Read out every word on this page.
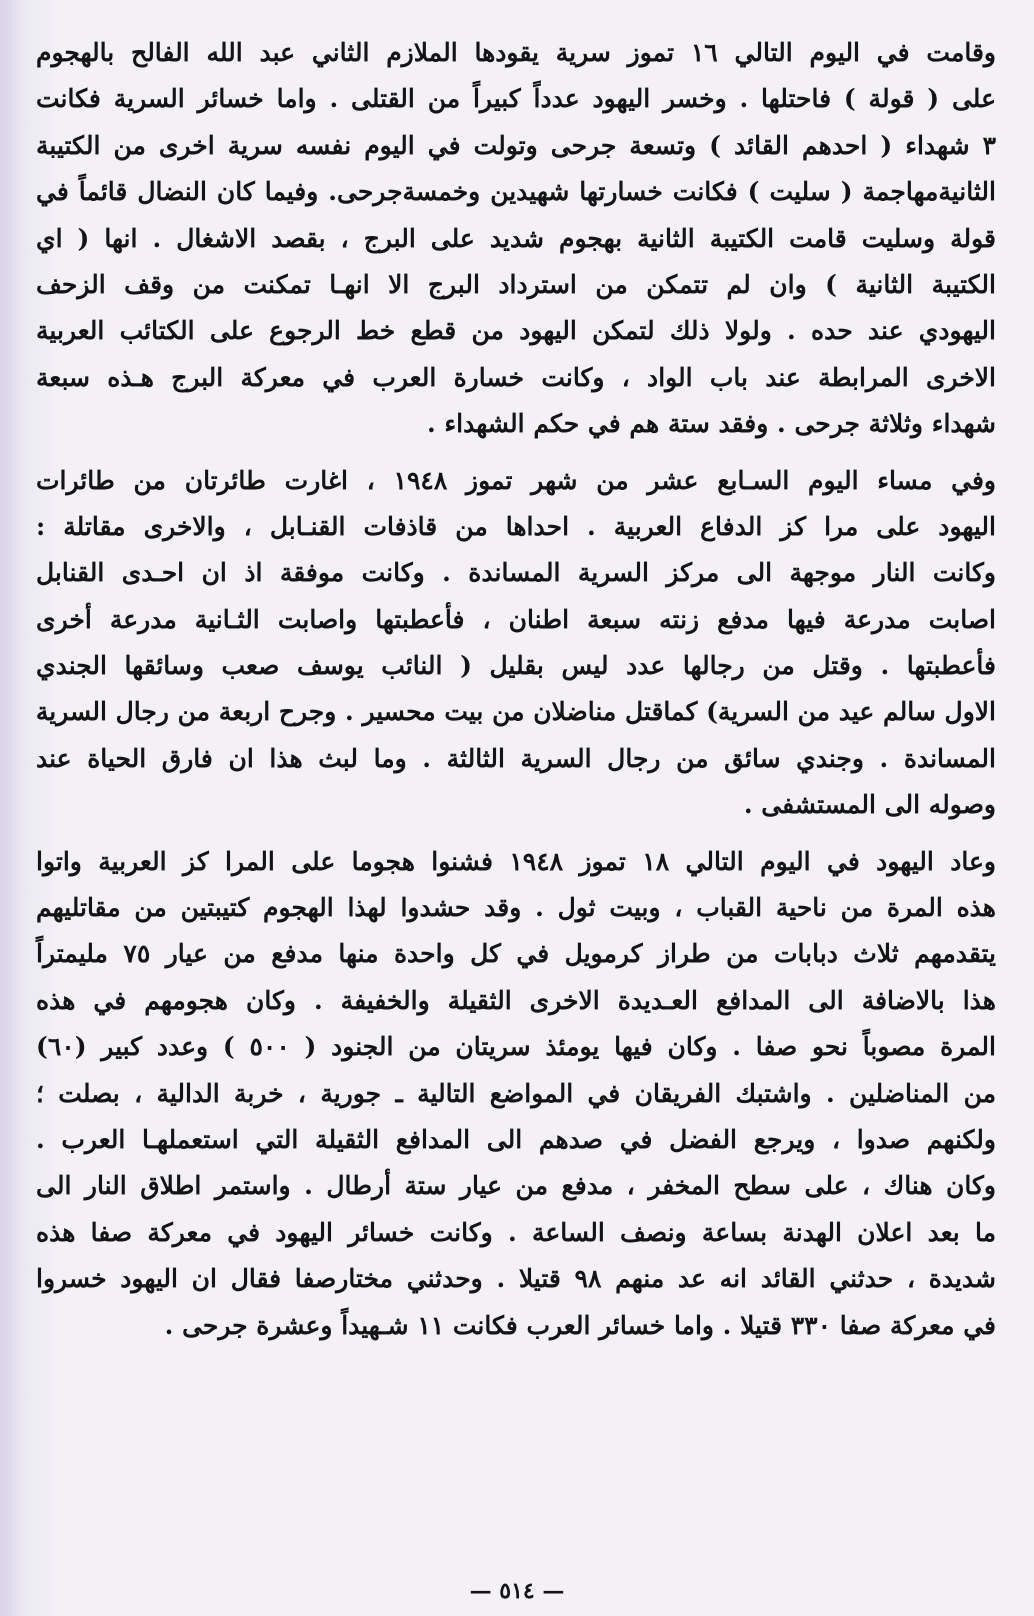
وقامت في اليوم التالي ١٦ تموز سرية يقودها الملازم الثاني عبد الله الفالح بالهجوم
على ( قولة ) فاحتلها . وخسر اليهود عدداً كبيراً من القتلى . واما خسائر السرية فكانت
٣ شهداء ( احدهم القائد ) وتسعة جرحى وتولت في اليوم نفسه سرية اخرى من الكتيبة
الثانيةمهاجمة ( سليت ) فكانت خسارتها شهيدين وخمسةجرحى. وفيما كان النضال قائماً في
قولة وسليت قامت الكتيبة الثانية بهجوم شديد على البرج ، بقصد الاشغال . انها ( اي
الكتيبة الثانية ) وان لم تتمكن من استرداد البرج الا انهـا تمكنت من وقف الزحف
اليهودي عند حده . ولولا ذلك لتمكن اليهود من قطع خط الرجوع على الكتائب العربية
الاخرى المرابطة عند باب الواد ، وكانت خسارة العرب في معركة البرج هـذه سبعة
شهداء وثلاثة جرحى . وفقد ستة هم في حكم الشهداء .
وفي مساء اليوم السـابع عشر من شهر تموز ١٩٤٨ ، اغارت طائرتان من طائرات
اليهود على مرا كز الدفاع العربية . احداها من قاذفات القنـابل ، والاخرى مقاتلة :
وكانت النار موجهة الى مركز السرية المساندة . وكانت موفقة اذ ان احـدى القنابل
اصابت مدرعة فيها مدفع زنته سبعة اطنان ، فأعطبتها واصابت الثـانية مدرعة أخرى
فأعطبتها . وقتل من رجالها عدد ليس بقليل ( النائب يوسف صعب وسائقها الجندي
الاول سالم عيد من السرية) كماقتل مناضلان من بيت محسير . وجرح اربعة من رجال السرية
المساندة . وجندي سائق من رجال السرية الثالثة . وما لبث هذا ان فارق الحياة عند
وصوله الى المستشفى .
وعاد اليهود في اليوم التالي ١٨ تموز ١٩٤٨ فشنوا هجوما على المرا كز العربية واتوا
هذه المرة من ناحية القباب ، وبيت ثول . وقد حشدوا لهذا الهجوم كتيبتين من مقاتليهم
يتقدمهم ثلاث دبابات من طراز كرمويل في كل واحدة منها مدفع من عيار ٧٥ مليمتراً
هذا بالاضافة الى المدافع العـديدة الاخرى الثقيلة والخفيفة . وكان هجومهم في هذه
المرة مصوباً نحو صفا . وكان فيها يومئذ سريتان من الجنود ( ٥٠٠ ) وعدد كبير (٦٠)
من المناضلين . واشتبك الفريقان في المواضع التالية ـ جورية ، خربة الدالية ، بصلت ؛
ولكنهم صدوا ، ويرجع الفضل في صدهم الى المدافع الثقيلة التي استعملهـا العرب .
وكان هناك ، على سطح المخفر ، مدفع من عيار ستة أرطال . واستمر اطلاق النار الى
ما بعد اعلان الهدنة بساعة ونصف الساعة . وكانت خسائر اليهود في معركة صفا هذه
شديدة ، حدثني القائد انه عد منهم ٩٨ قتيلا . وحدثني مختارصفا فقال ان اليهود خسروا
في معركة صفا ٣٣٠ قتيلا . واما خسائر العرب فكانت ١١ شـهيداً وعشرة جرحى .
— ٥١٤ —
